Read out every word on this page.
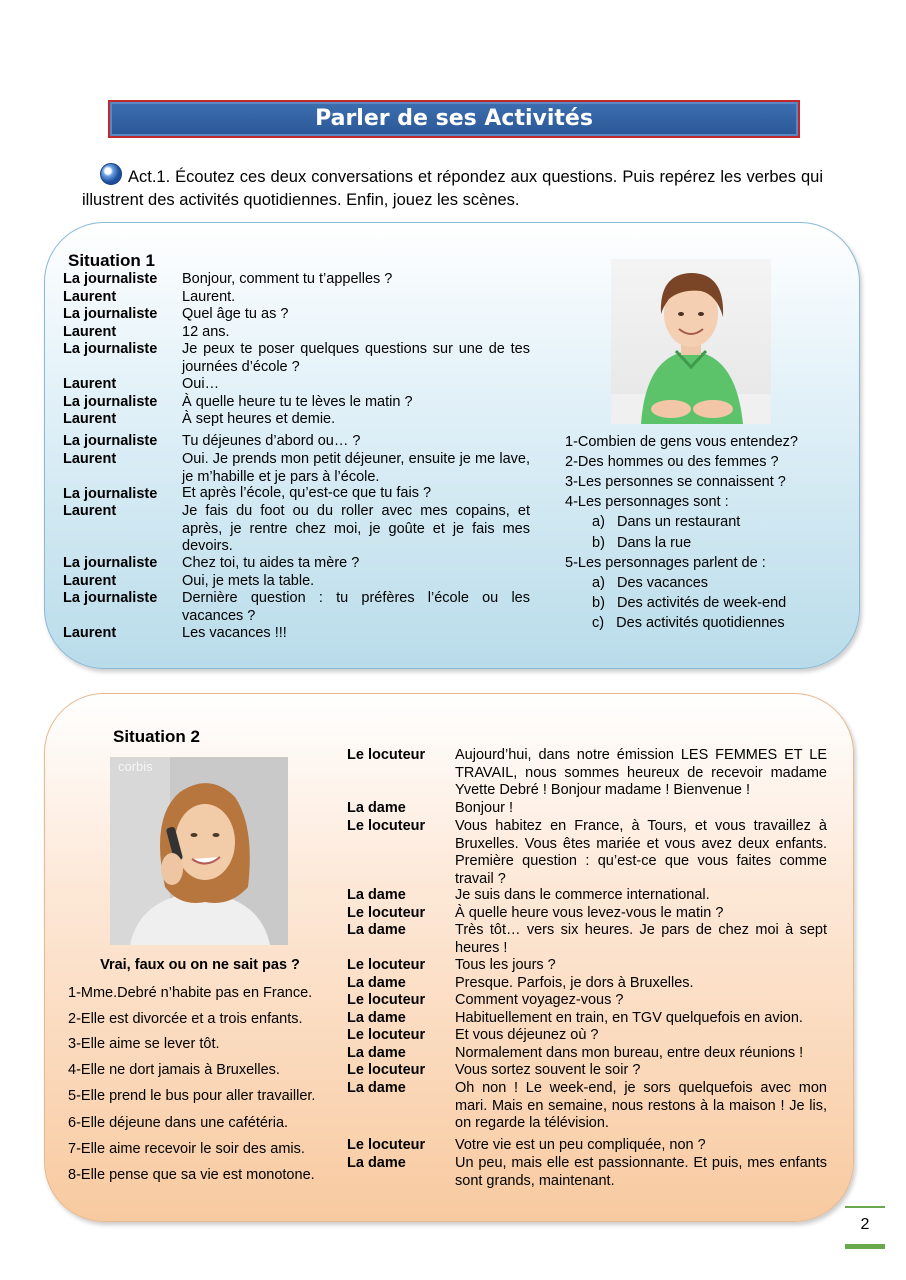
Parler de ses Activités
Act.1. Écoutez ces deux conversations et répondez aux questions. Puis repérez les verbes qui illustrent des activités quotidiennes. Enfin, jouez les scènes.
Situation 1
La journaliste Bonjour, comment tu t’appelles ?
Laurent	Laurent.
La journaliste Quel âge tu as ?
Laurent	12 ans.
La journaliste Je peux te poser quelques questions sur une de tes journées d’école ?
Laurent	Oui…
La journaliste À quelle heure tu te lèves le matin ?
Laurent	À sept heures et demie.
La journaliste Tu déjeunes d’abord ou… ?
Laurent	Oui. Je prends mon petit déjeuner, ensuite je me lave, je m’habille et je pars à l’école.
La journaliste Et après l’école, qu’est-ce que tu fais ?
Laurent	Je fais du foot ou du roller avec mes copains, et après, je rentre chez moi, je goûte et je fais mes devoirs.
La journaliste Chez toi, tu aides ta mère ?
Laurent	Oui, je mets la table.
La journaliste Dernière question : tu préfères l’école ou les vacances ?
Laurent	Les vacances !!!
1-Combien de gens vous entendez?
2-Des hommes ou des femmes ?
3-Les personnes se connaissent ?
4-Les personnages sont :
a)   Dans un restaurant
b)   Dans la rue
5-Les personnages parlent de :
a)   Des vacances
b)   Des activités de week-end
c)   Des activités quotidiennes
Situation 2
corbis
Vrai, faux ou on ne sait pas ?
1-Mme.Debré n’habite pas en France.
2-Elle est divorcée et a trois enfants.
3-Elle aime se lever tôt.
4-Elle ne dort jamais à Bruxelles.
5-Elle prend le bus pour aller travailler.
6-Elle déjeune dans une cafétéria.
7-Elle aime recevoir le soir des amis.
8-Elle pense que sa vie est monotone.
Le locuteur Aujourd’hui, dans notre émission LES FEMMES ET LE TRAVAIL, nous sommes heureux de recevoir madame Yvette Debré ! Bonjour madame ! Bienvenue !
La dame	Bonjour !
Le locuteur Vous habitez en France, à Tours, et vous travaillez à Bruxelles. Vous êtes mariée et vous avez deux enfants. Première question : qu’est-ce que vous faites comme travail ?
La dame	Je suis dans le commerce international.
Le locuteur À quelle heure vous levez-vous le matin ?
La dame	Très tôt… vers six heures. Je pars de chez moi à sept heures !
Le locuteur Tous les jours ?
La dame	Presque. Parfois, je dors à Bruxelles.
Le locuteur Comment voyagez-vous ?
La dame	Habituellement en train, en TGV quelquefois en avion.
Le locuteur Et vous déjeunez où ?
La dame	Normalement dans mon bureau, entre deux réunions !
Le locuteur Vous sortez souvent le soir ?
La dame	Oh non ! Le week-end, je sors quelquefois avec mon mari. Mais en semaine, nous restons à la maison ! Je lis, on regarde la télévision.
Le locuteur Votre vie est un peu compliquée, non ?
La dame	Un peu, mais elle est passionnante. Et puis, mes enfants sont grands, maintenant.
2
